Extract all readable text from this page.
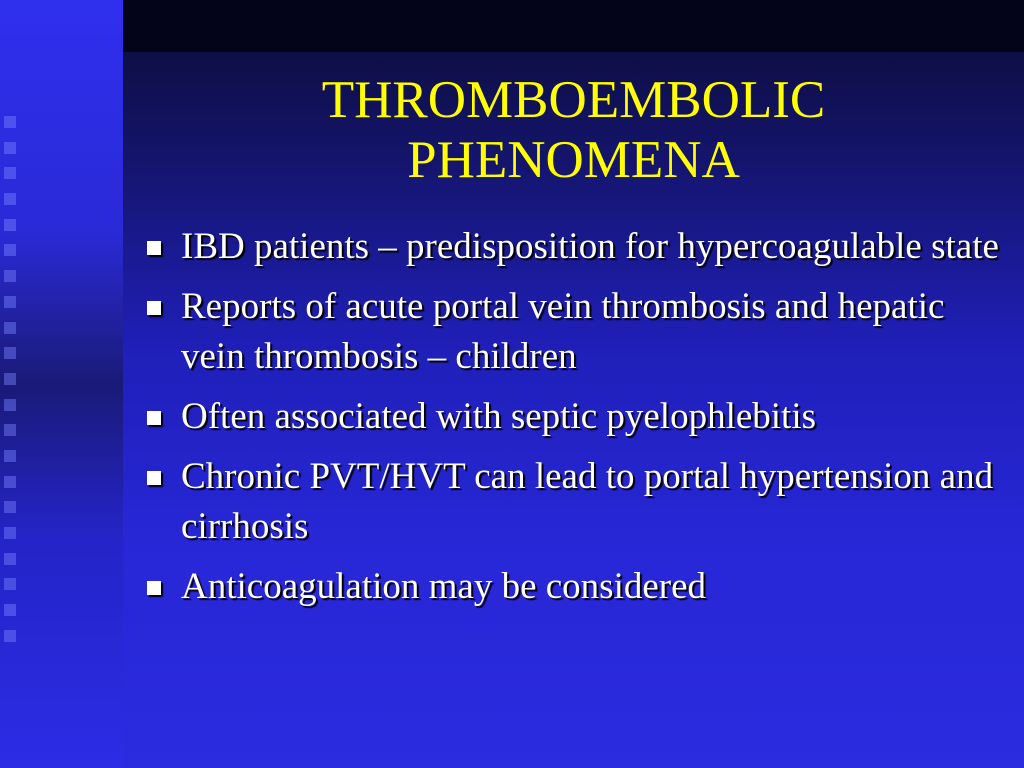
THROMBOEMBOLIC
PHENOMENA
IBD patients – predisposition for hypercoagulable state
Reports of acute portal vein thrombosis and hepatic vein thrombosis – children
Often associated with septic pyelophlebitis
Chronic PVT/HVT can lead to portal hypertension and cirrhosis
Anticoagulation may be considered
